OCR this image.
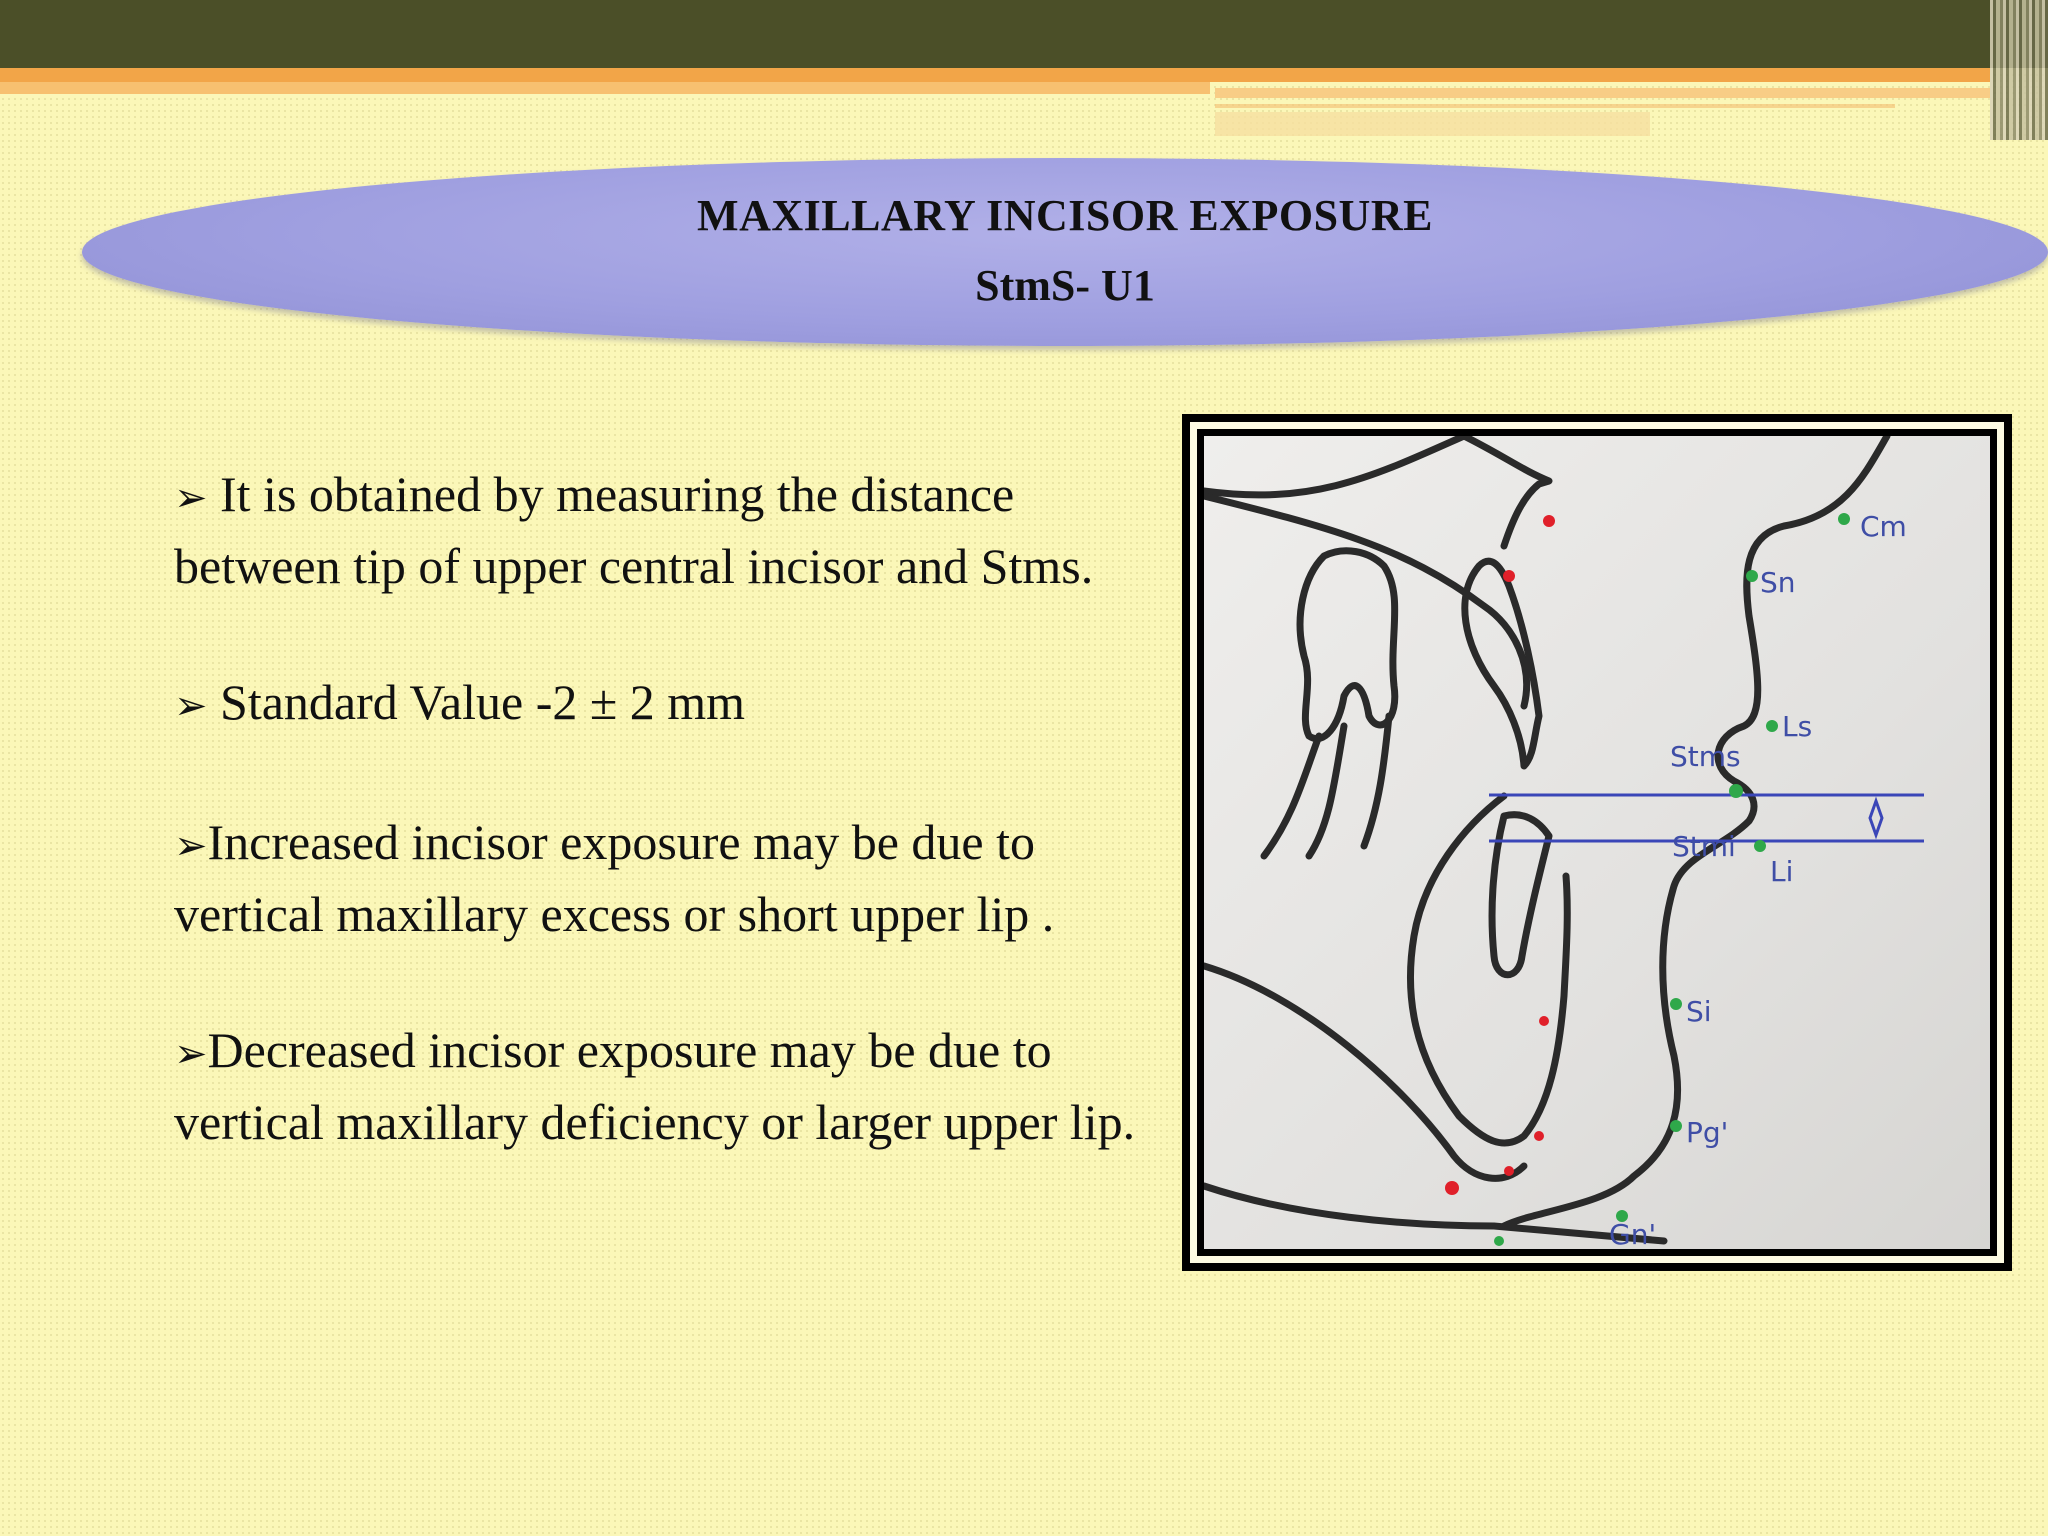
MAXILLARY INCISOR EXPOSURE
StmS- U1

➢ It is obtained by measuring the distance between tip of upper central incisor and Stms.

➢ Standard Value -2 ± 2 mm

➢Increased incisor exposure may be due to vertical maxillary excess or short upper lip .

➢Decreased incisor exposure may be due to vertical maxillary deficiency or larger upper lip.

Cm
Sn
Ls
Stms
Stmi
Li
Si
Pg'
Gn'
